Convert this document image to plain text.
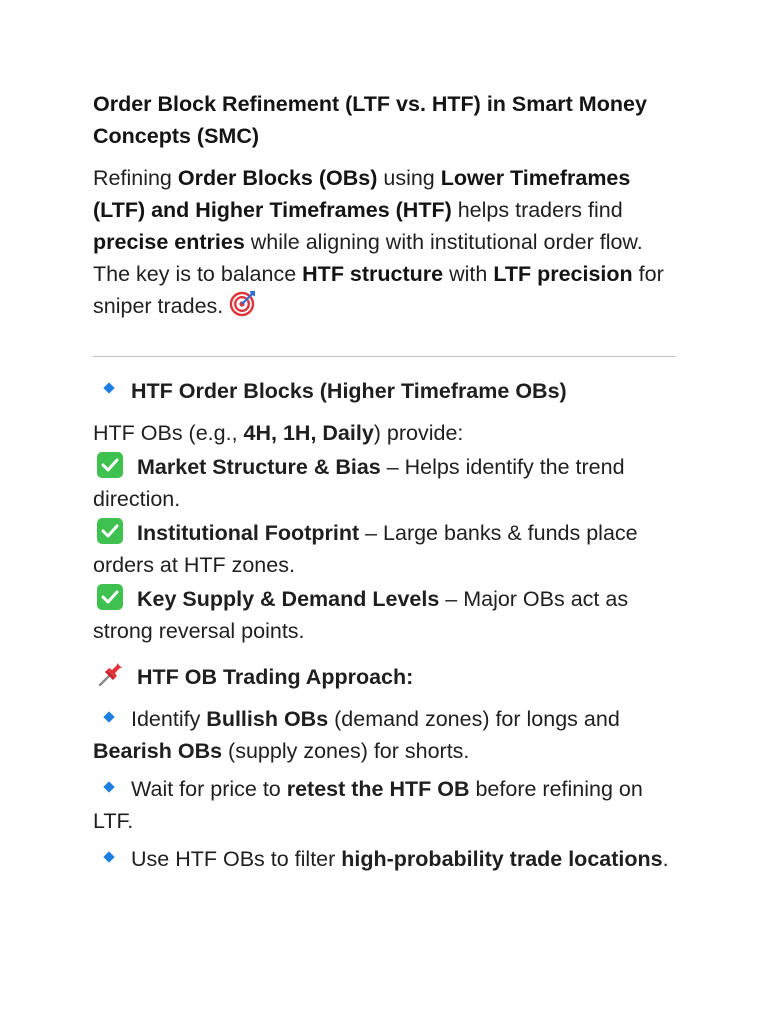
Order Block Refinement (LTF vs. HTF) in Smart Money Concepts (SMC)

Refining Order Blocks (OBs) using Lower Timeframes (LTF) and Higher Timeframes (HTF) helps traders find precise entries while aligning with institutional order flow. The key is to balance HTF structure with LTF precision for sniper trades.

HTF Order Blocks (Higher Timeframe OBs)

HTF OBs (e.g., 4H, 1H, Daily) provide:

Market Structure & Bias – Helps identify the trend direction.

Institutional Footprint – Large banks & funds place orders at HTF zones.

Key Supply & Demand Levels – Major OBs act as strong reversal points.

HTF OB Trading Approach:

Identify Bullish OBs (demand zones) for longs and Bearish OBs (supply zones) for shorts.

Wait for price to retest the HTF OB before refining on LTF.

Use HTF OBs to filter high-probability trade locations.
